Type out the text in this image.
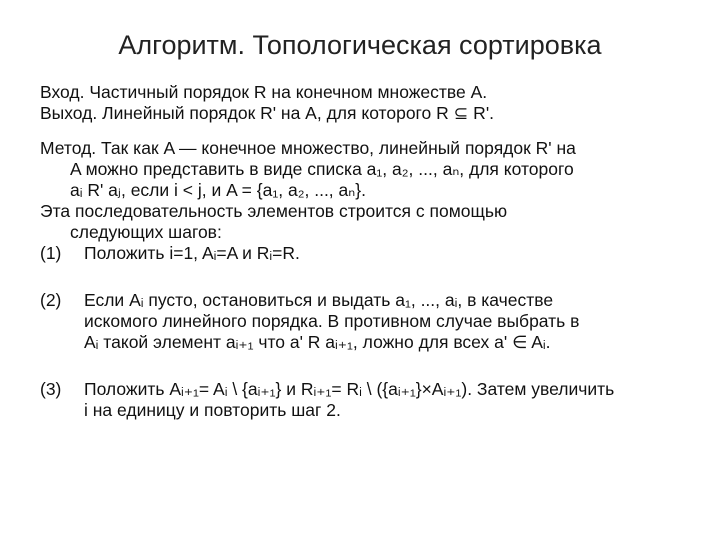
Алгоритм. Топологическая сортировка
Вход. Частичный порядок R на конечном множестве A.
Выход. Линейный порядок R' на A, для которого R ⊆ R'.
Метод. Так как A — конечное множество, линейный порядок R' на
A можно представить в виде списка a₁, a₂, ..., aₙ, для которого
aᵢ R' aⱼ, если i < j, и A = {a₁, a₂, ..., aₙ}.
Эта последовательность элементов строится с помощью
следующих шагов:
(1) Положить i=1, Aᵢ=A и Rᵢ=R.
(2) Если Aᵢ пусто, остановиться и выдать a₁, ..., aᵢ, в качестве
искомого линейного порядка. В противном случае выбрать в
Aᵢ такой элемент aᵢ₊₁ что a' R aᵢ₊₁, ложно для всех a' ∈ Aᵢ.
(3) Положить Aᵢ₊₁= Aᵢ \ {aᵢ₊₁} и Rᵢ₊₁= Rᵢ \ ({aᵢ₊₁}×Aᵢ₊₁). Затем увеличить
i на единицу и повторить шаг 2.
